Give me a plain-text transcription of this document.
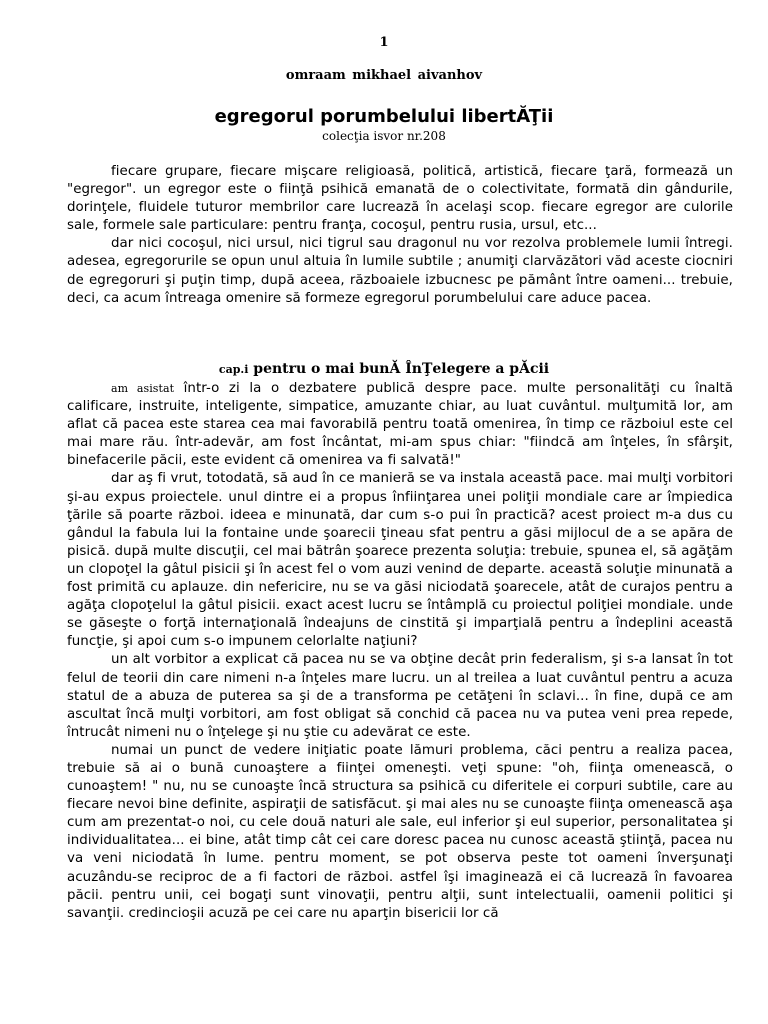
1
omraam mikhael aivanhov
egregorul porumbelului libertĂŢii
colecţia isvor nr.208

fiecare grupare, fiecare mişcare religioasă, politică, artistică, fiecare ţară, formează un "egregor". un egregor este o fiinţă psihică emanată de o colectivitate, formată din gândurile, dorinţele, fluidele tuturor membrilor care lucrează în acelaşi scop. fiecare egregor are culorile sale, formele sale particulare: pentru franţa, cocoşul, pentru rusia, ursul, etc...

dar nici cocoşul, nici ursul, nici tigrul sau dragonul nu vor rezolva problemele lumii întregi. adesea, egregorurile se opun unul altuia în lumile subtile ; anumiţi clarvăzători văd aceste ciocniri de egregoruri şi puţin timp, după aceea, războaiele izbucnesc pe pământ între oameni... trebuie, deci, ca acum întreaga omenire să formeze egregorul porumbelului care aduce pacea.

cap.i pentru o mai bunĂ ÎnŢelegere a pĂcii

am asistat într-o zi la o dezbatere publică despre pace. multe personalităţi cu înaltă calificare, instruite, inteligente, simpatice, amuzante chiar, au luat cuvântul. mulţumită lor, am aflat că pacea este starea cea mai favorabilă pentru toată omenirea, în timp ce războiul este cel mai mare rău. într-adevăr, am fost încântat, mi-am spus chiar: "fiindcă am înţeles, în sfârşit, binefacerile păcii, este evident că omenirea va fi salvată!"

dar aş fi vrut, totodată, să aud în ce manieră se va instala această pace. mai mulţi vorbitori şi-au expus proiectele. unul dintre ei a propus înfiinţarea unei poliţii mondiale care ar împiedica ţările să poarte război. ideea e minunată, dar cum s-o pui în practică? acest proiect m-a dus cu gândul la fabula lui la fontaine unde şoarecii ţineau sfat pentru a găsi mijlocul de a se apăra de pisică. după multe discuţii, cel mai bătrân şoarece prezenta soluţia: trebuie, spunea el, să agăţăm un clopoţel la gâtul pisicii şi în acest fel o vom auzi venind de departe. această soluţie minunată a fost primită cu aplauze. din nefericire, nu se va găsi niciodată şoarecele, atât de curajos pentru a agăţa clopoţelul la gâtul pisicii. exact acest lucru se întâmplă cu proiectul poliţiei mondiale. unde se găseşte o forţă internaţională îndeajuns de cinstită şi imparţială pentru a îndeplini această funcţie, şi apoi cum s-o impunem celorlalte naţiuni?

un alt vorbitor a explicat că pacea nu se va obţine decât prin federalism, şi s-a lansat în tot felul de teorii din care nimeni n-a înţeles mare lucru. un al treilea a luat cuvântul pentru a acuza statul de a abuza de puterea sa şi de a transforma pe cetăţeni în sclavi... în fine, după ce am ascultat încă mulţi vorbitori, am fost obligat să conchid că pacea nu va putea veni prea repede, întrucât nimeni nu o înţelege şi nu ştie cu adevărat ce este.

numai un punct de vedere iniţiatic poate lămuri problema, căci pentru a realiza pacea, trebuie să ai o bună cunoaştere a fiinţei omeneşti. veţi spune: "oh, fiinţa omenească, o cunoaştem! " nu, nu se cunoaşte încă structura sa psihică cu diferitele ei corpuri subtile, care au fiecare nevoi bine definite, aspiraţii de satisfăcut. şi mai ales nu se cunoaşte fiinţa omenească aşa cum am prezentat-o noi, cu cele două naturi ale sale, eul inferior şi eul superior, personalitatea şi individualitatea... ei bine, atât timp cât cei care doresc pacea nu cunosc această ştiinţă, pacea nu va veni niciodată în lume. pentru moment, se pot observa peste tot oameni înverşunaţi acuzându-se reciproc de a fi factori de război. astfel îşi imaginează ei că lucrează în favoarea păcii. pentru unii, cei bogaţi sunt vinovaţii, pentru alţii, sunt intelectualii, oamenii politici şi savanţii. credincioşii acuză pe cei care nu aparţin bisericii lor că
